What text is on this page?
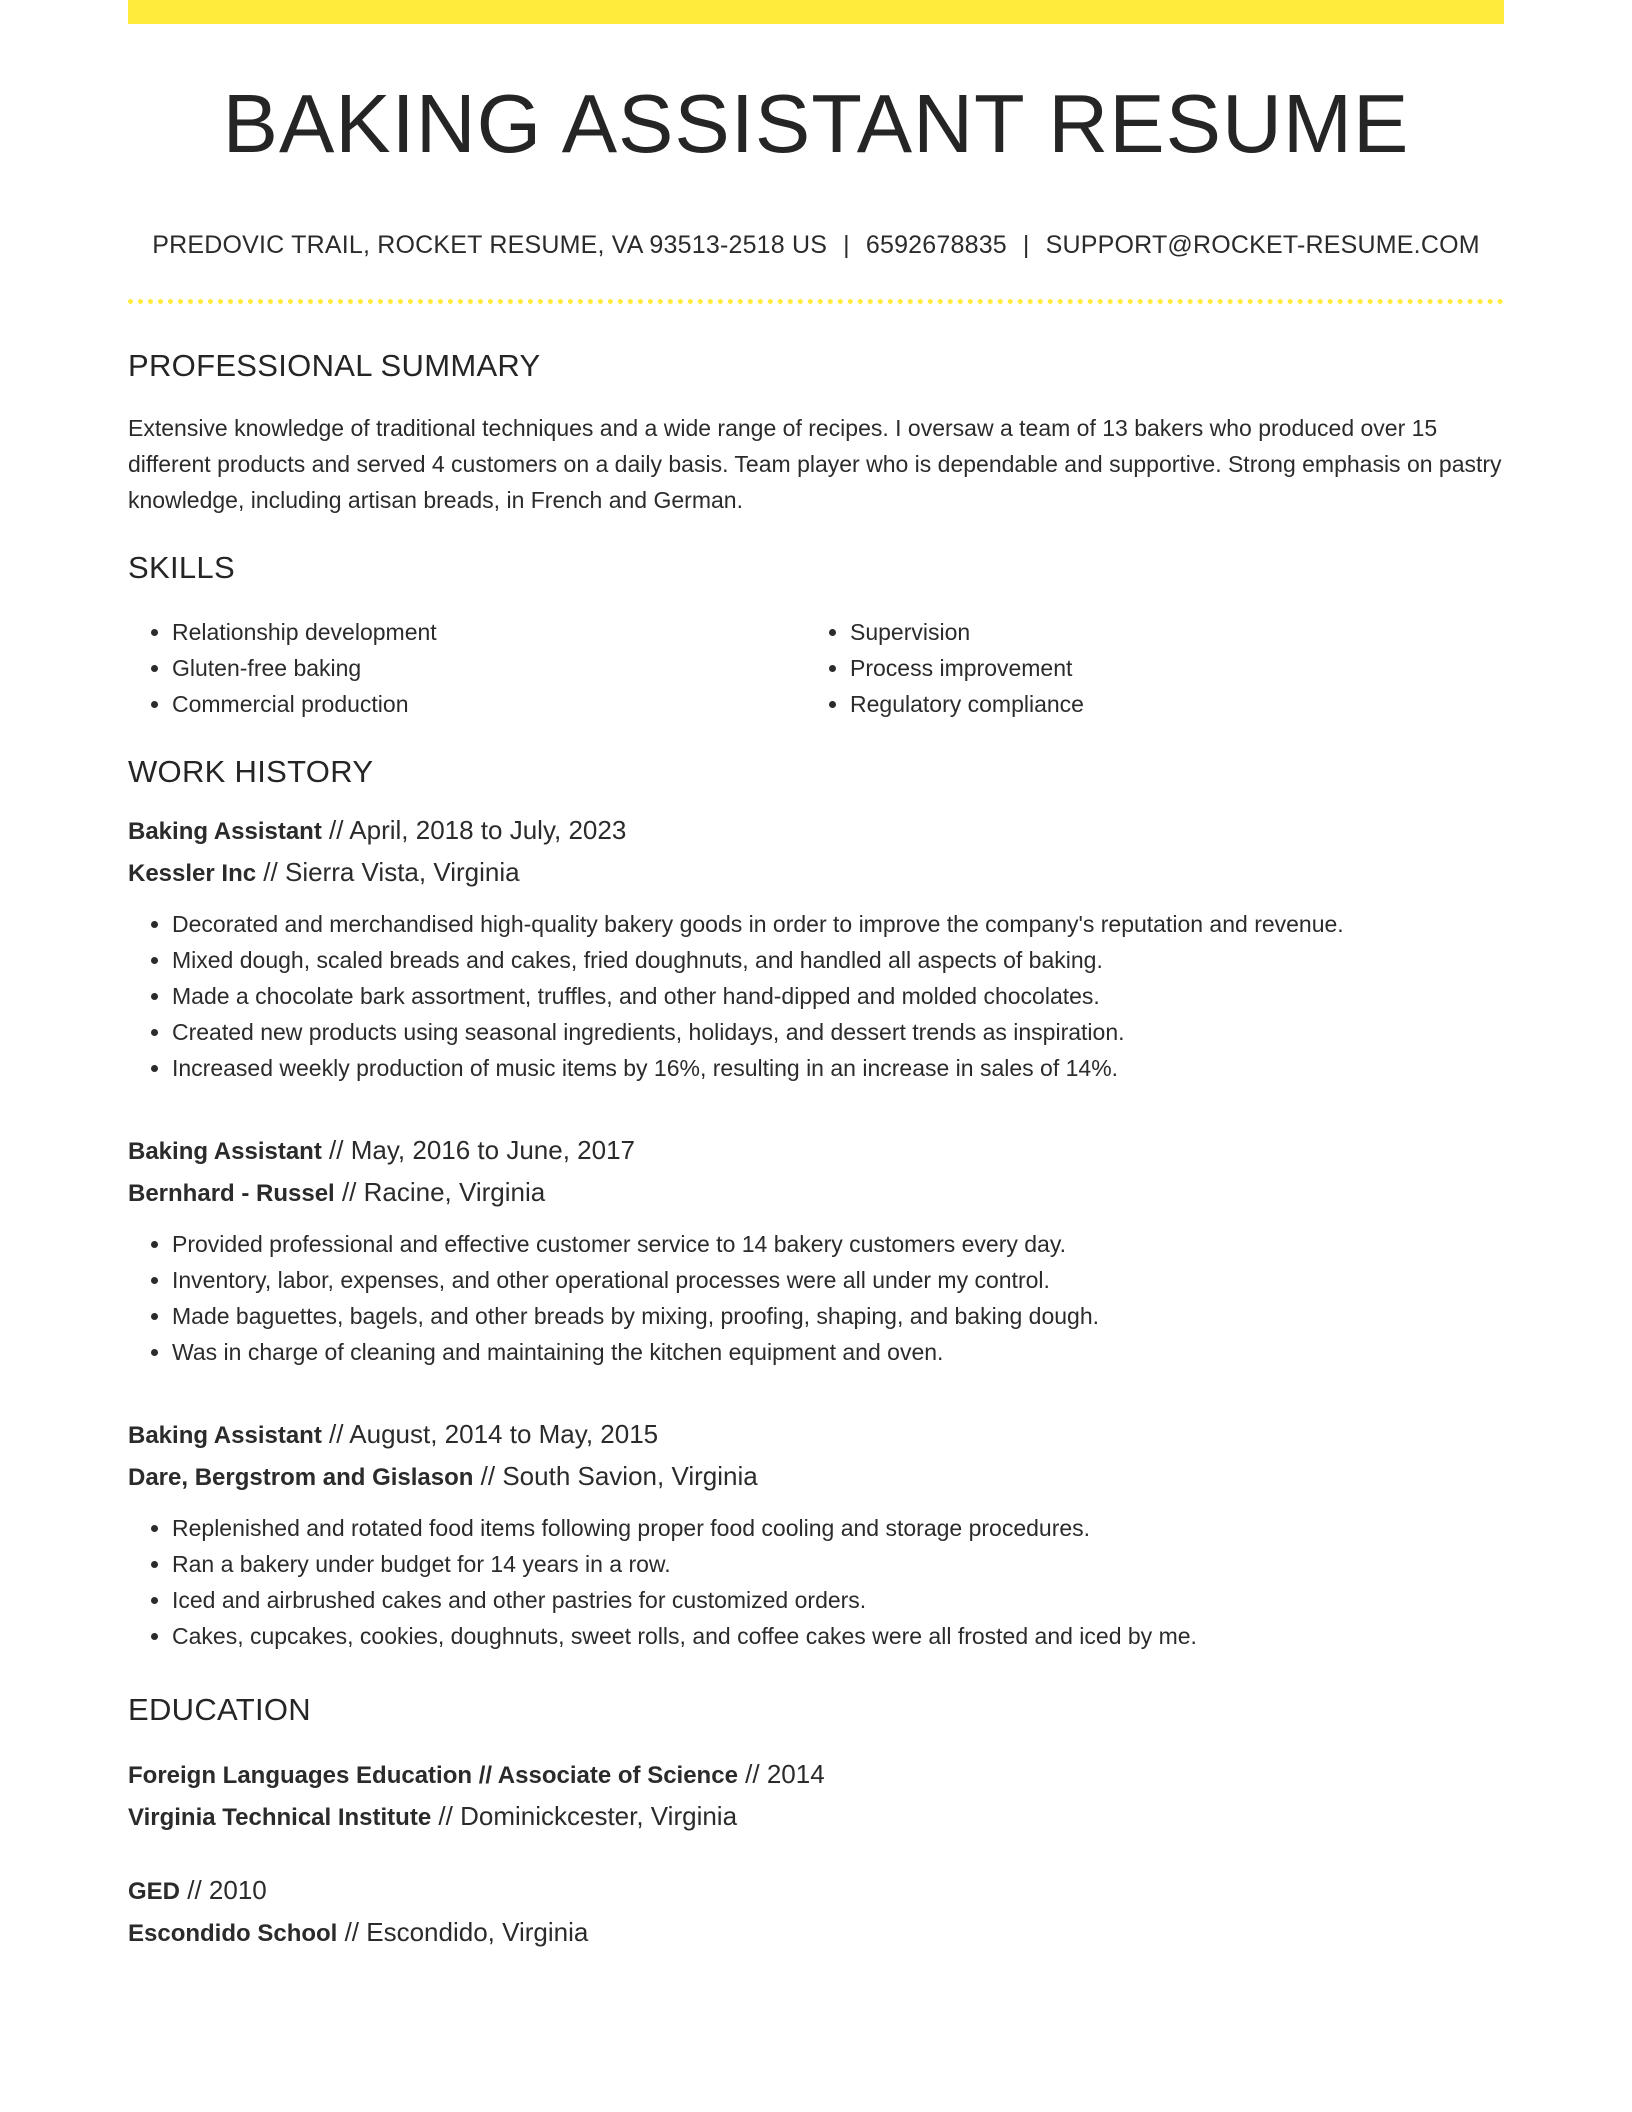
BAKING ASSISTANT RESUME
PREDOVIC TRAIL, ROCKET RESUME, VA 93513-2518 US | 6592678835 | SUPPORT@ROCKET-RESUME.COM
PROFESSIONAL SUMMARY
Extensive knowledge of traditional techniques and a wide range of recipes. I oversaw a team of 13 bakers who produced over 15 different products and served 4 customers on a daily basis. Team player who is dependable and supportive. Strong emphasis on pastry knowledge, including artisan breads, in French and German.
SKILLS
• Relationship development
• Gluten-free baking
• Commercial production
• Supervision
• Process improvement
• Regulatory compliance
WORK HISTORY
Baking Assistant // April, 2018 to July, 2023
Kessler Inc // Sierra Vista, Virginia
• Decorated and merchandised high-quality bakery goods in order to improve the company's reputation and revenue.
• Mixed dough, scaled breads and cakes, fried doughnuts, and handled all aspects of baking.
• Made a chocolate bark assortment, truffles, and other hand-dipped and molded chocolates.
• Created new products using seasonal ingredients, holidays, and dessert trends as inspiration.
• Increased weekly production of music items by 16%, resulting in an increase in sales of 14%.
Baking Assistant // May, 2016 to June, 2017
Bernhard - Russel // Racine, Virginia
• Provided professional and effective customer service to 14 bakery customers every day.
• Inventory, labor, expenses, and other operational processes were all under my control.
• Made baguettes, bagels, and other breads by mixing, proofing, shaping, and baking dough.
• Was in charge of cleaning and maintaining the kitchen equipment and oven.
Baking Assistant // August, 2014 to May, 2015
Dare, Bergstrom and Gislason // South Savion, Virginia
• Replenished and rotated food items following proper food cooling and storage procedures.
• Ran a bakery under budget for 14 years in a row.
• Iced and airbrushed cakes and other pastries for customized orders.
• Cakes, cupcakes, cookies, doughnuts, sweet rolls, and coffee cakes were all frosted and iced by me.
EDUCATION
Foreign Languages Education // Associate of Science // 2014
Virginia Technical Institute // Dominickcester, Virginia
GED // 2010
Escondido School // Escondido, Virginia
